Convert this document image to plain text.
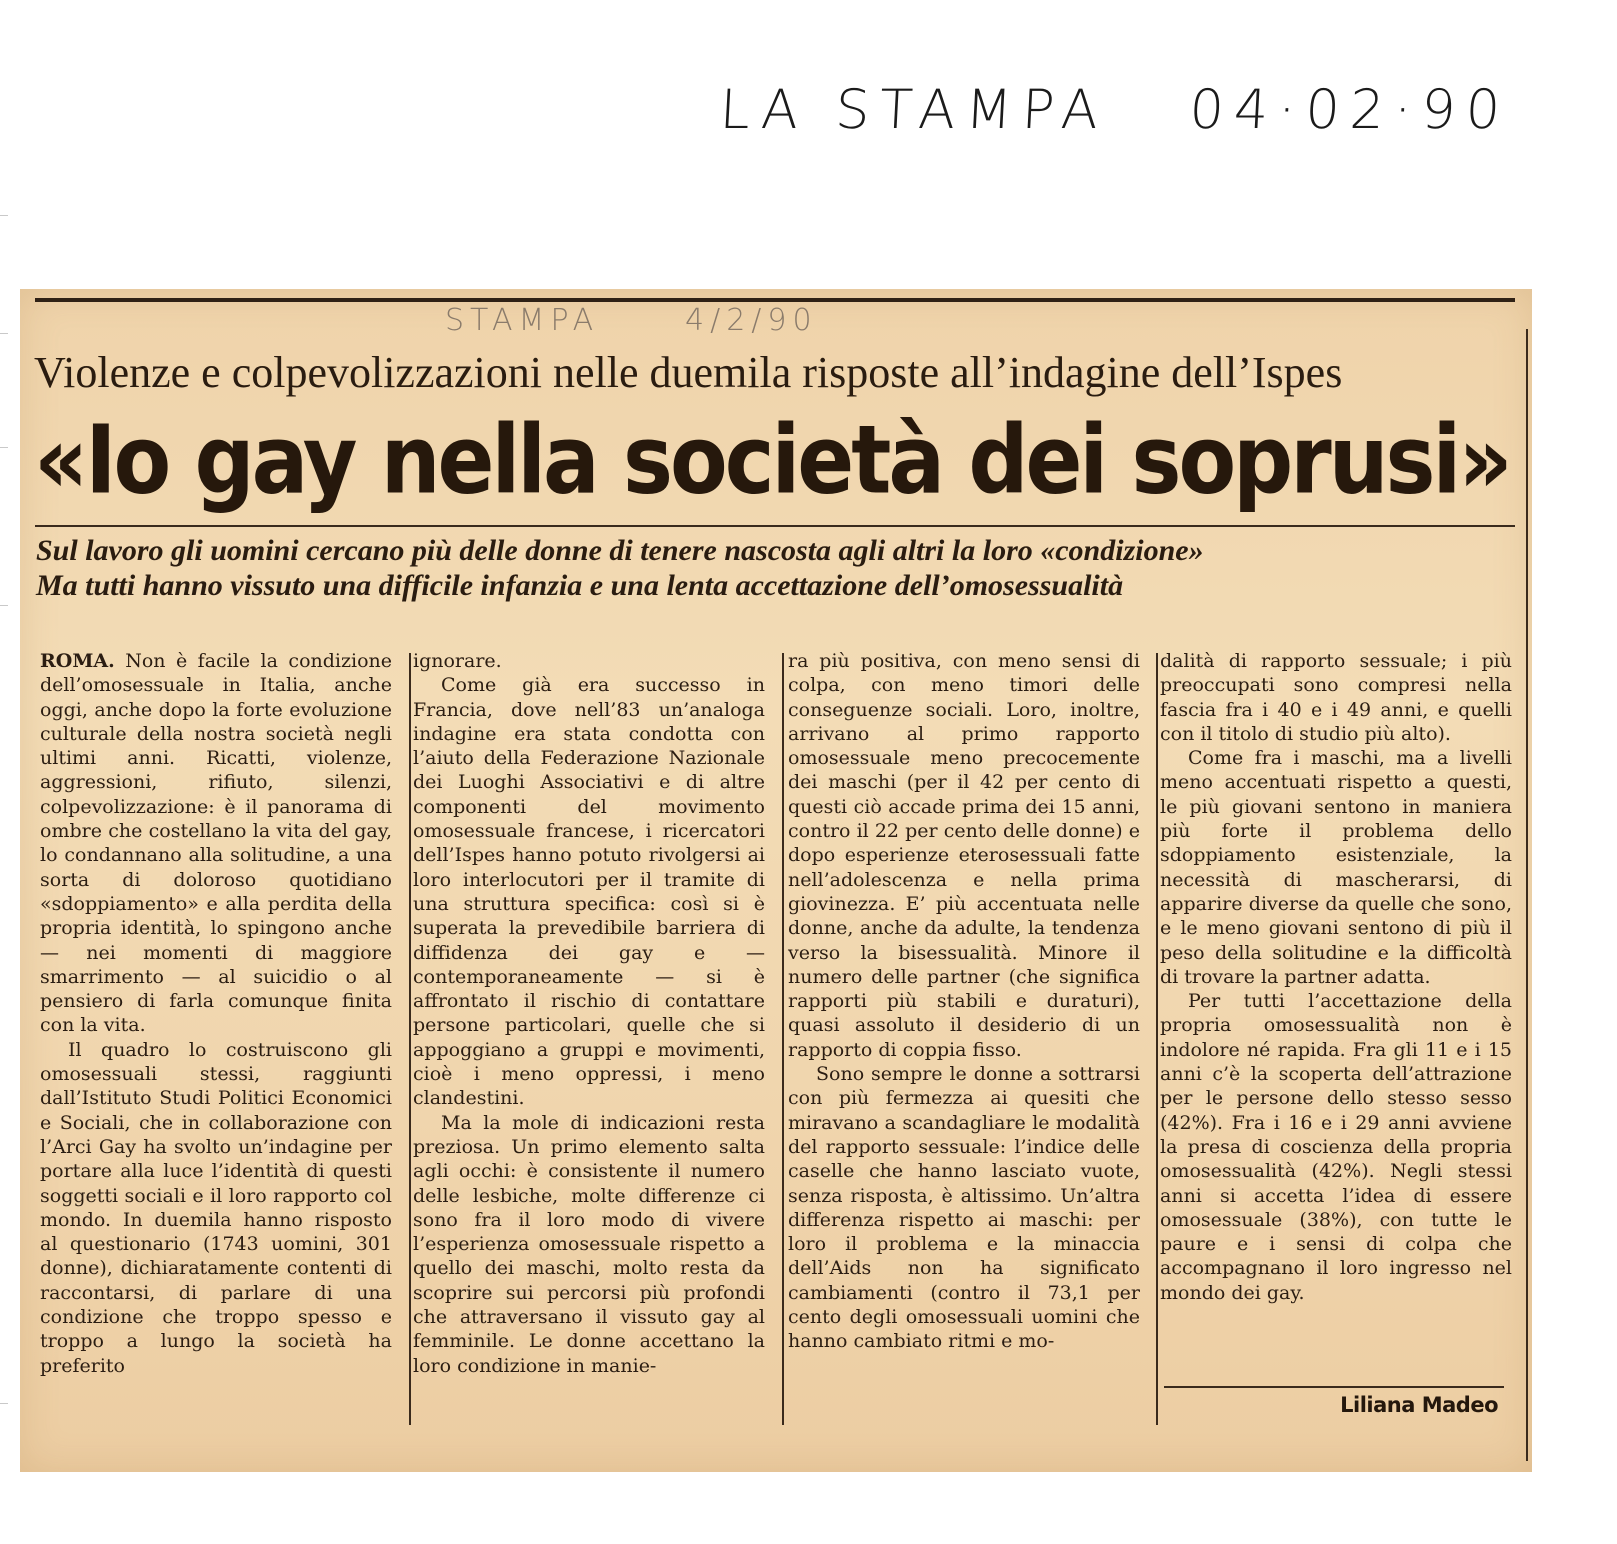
LA STAMPA   04·02·90
STAMPA	4/2/90
Violenze e colpevolizzazioni nelle duemila risposte all’indagine dell’Ispes
«Io gay nella società dei soprusi»
Sul lavoro gli uomini cercano più delle donne di tenere nascosta agli altri la loro «condizione»
Ma tutti hanno vissuto una difficile infanzia e una lenta accettazione dell’omosessualità

ROMA. Non è facile la condizione dell’omosessuale in Italia, anche oggi, anche dopo la forte evoluzione culturale della nostra società negli ultimi anni. Ricatti, violenze, aggressioni, rifiuto, silenzi, colpevolizzazione: è il panorama di ombre che costellano la vita del gay, lo condannano alla solitudine, a una sorta di doloroso quotidiano «sdoppiamento» e alla perdita della propria identità, lo spingono anche — nei momenti di maggiore smarrimento — al suicidio o al pensiero di farla comunque finita con la vita.

Il quadro lo costruiscono gli omosessuali stessi, raggiunti dall’Istituto Studi Politici Economici e Sociali, che in collaborazione con l’Arci Gay ha svolto un’indagine per portare alla luce l’identità di questi soggetti sociali e il loro rapporto col mondo. In duemila hanno risposto al questionario (1743 uomini, 301 donne), dichiaratamente contenti di raccontarsi, di parlare di una condizione che troppo spesso e troppo a lungo la società ha preferito

ignorare.

Come già era successo in Francia, dove nell’83 un’analoga indagine era stata condotta con l’aiuto della Federazione Nazionale dei Luoghi Associativi e di altre componenti del movimento omosessuale francese, i ricercatori dell’Ispes hanno potuto rivolgersi ai loro interlocutori per il tramite di una struttura specifica: così si è superata la prevedibile barriera di diffidenza dei gay e — contemporaneamente — si è affrontato il rischio di contattare persone particolari, quelle che si appoggiano a gruppi e movimenti, cioè i meno oppressi, i meno clandestini.

Ma la mole di indicazioni resta preziosa. Un primo elemento salta agli occhi: è consistente il numero delle lesbiche, molte differenze ci sono fra il loro modo di vivere l’esperienza omosessuale rispetto a quello dei maschi, molto resta da scoprire sui percorsi più profondi che attraversano il vissuto gay al femminile. Le donne accettano la loro condizione in manie-

ra più positiva, con meno sensi di colpa, con meno timori delle conseguenze sociali. Loro, inoltre, arrivano al primo rapporto omosessuale meno precocemente dei maschi (per il 42 per cento di questi ciò accade prima dei 15 anni, contro il 22 per cento delle donne) e dopo esperienze eterosessuali fatte nell’adolescenza e nella prima giovinezza. E’ più accentuata nelle donne, anche da adulte, la tendenza verso la bisessualità. Minore il numero delle partner (che significa rapporti più stabili e duraturi), quasi assoluto il desiderio di un rapporto di coppia fisso.

Sono sempre le donne a sottrarsi con più fermezza ai quesiti che miravano a scandagliare le modalità del rapporto sessuale: l’indice delle caselle che hanno lasciato vuote, senza risposta, è altissimo. Un’altra differenza rispetto ai maschi: per loro il problema e la minaccia dell’Aids non ha significato cambiamenti (contro il 73,1 per cento degli omosessuali uomini che hanno cambiato ritmi e mo-

dalità di rapporto sessuale; i più preoccupati sono compresi nella fascia fra i 40 e i 49 anni, e quelli con il titolo di studio più alto).

Come fra i maschi, ma a livelli meno accentuati rispetto a questi, le più giovani sentono in maniera più forte il problema dello sdoppiamento esistenziale, la necessità di mascherarsi, di apparire diverse da quelle che sono, e le meno giovani sentono di più il peso della solitudine e la difficoltà di trovare la partner adatta.

Per tutti l’accettazione della propria omosessualità non è indolore né rapida. Fra gli 11 e i 15 anni c’è la scoperta dell’attrazione per le persone dello stesso sesso (42%). Fra i 16 e i 29 anni avviene la presa di coscienza della propria omosessualità (42%). Negli stessi anni si accetta l’idea di essere omosessuale (38%), con tutte le paure e i sensi di colpa che accompagnano il loro ingresso nel mondo dei gay.

Liliana Madeo
